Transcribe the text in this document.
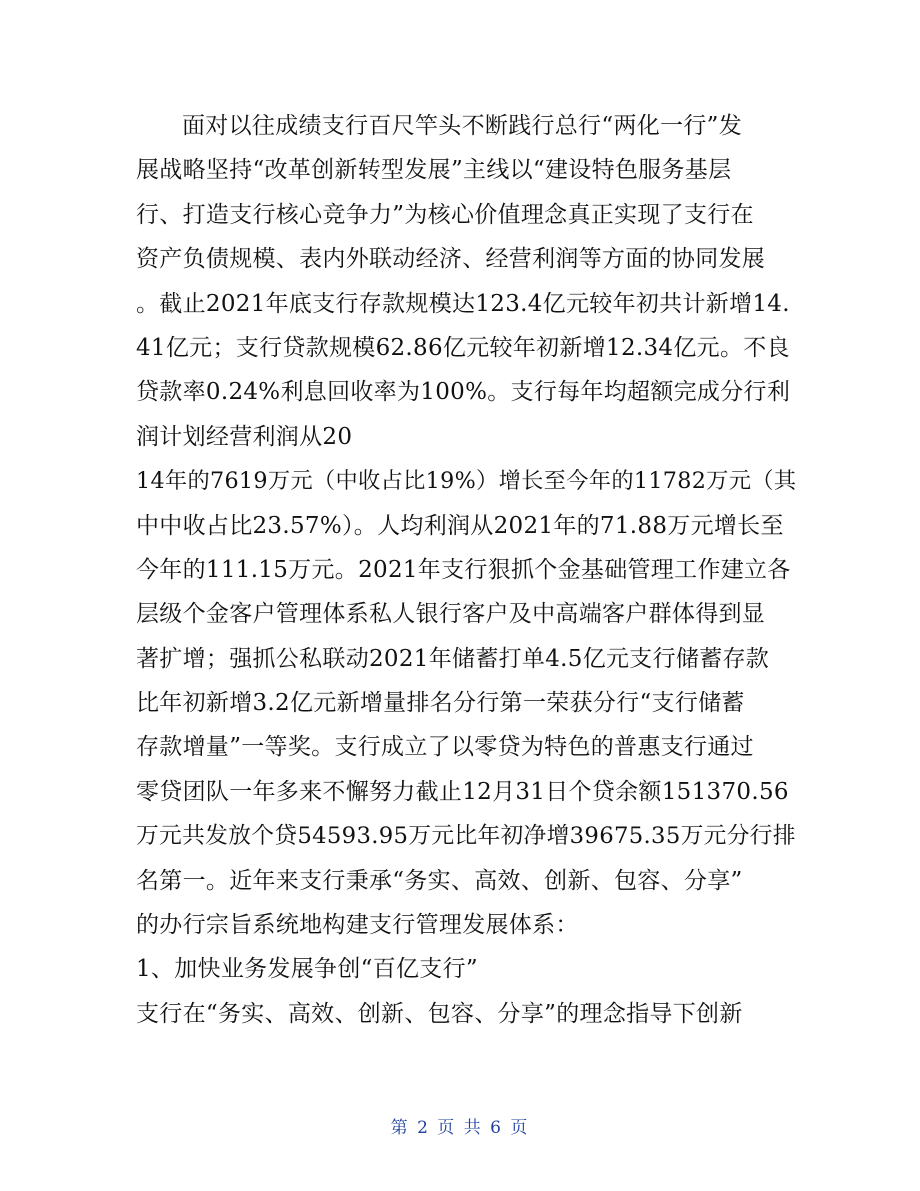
面对以往成绩支行百尺竿头不断践行总行“两化一行”发
展战略坚持“改革创新转型发展”主线以“建设特色服务基层
行、打造支行核心竞争力”为核心价值理念真正实现了支行在
资产负债规模、表内外联动经济、经营利润等方面的协同发展
。截止2021年底支行存款规模达123.4亿元较年初共计新增14.
41亿元；支行贷款规模62.86亿元较年初新增12.34亿元。不良
贷款率0.24%利息回收率为100%。支行每年均超额完成分行利
润计划经营利润从20
14年的7619万元（中收占比19%）增长至今年的11782万元（其
中中收占比23.57%）。人均利润从2021年的71.88万元增长至
今年的111.15万元。2021年支行狠抓个金基础管理工作建立各
层级个金客户管理体系私人银行客户及中高端客户群体得到显
著扩增；强抓公私联动2021年储蓄打单4.5亿元支行储蓄存款
比年初新增3.2亿元新增量排名分行第一荣获分行“支行储蓄
存款增量”一等奖。支行成立了以零贷为特色的普惠支行通过
零贷团队一年多来不懈努力截止12月31日个贷余额151370.56
万元共发放个贷54593.95万元比年初净增39675.35万元分行排
名第一。近年来支行秉承“务实、高效、创新、包容、分享”
的办行宗旨系统地构建支行管理发展体系：
1、加快业务发展争创“百亿支行”
支行在“务实、高效、创新、包容、分享”的理念指导下创新
第 2 页 共 6 页
